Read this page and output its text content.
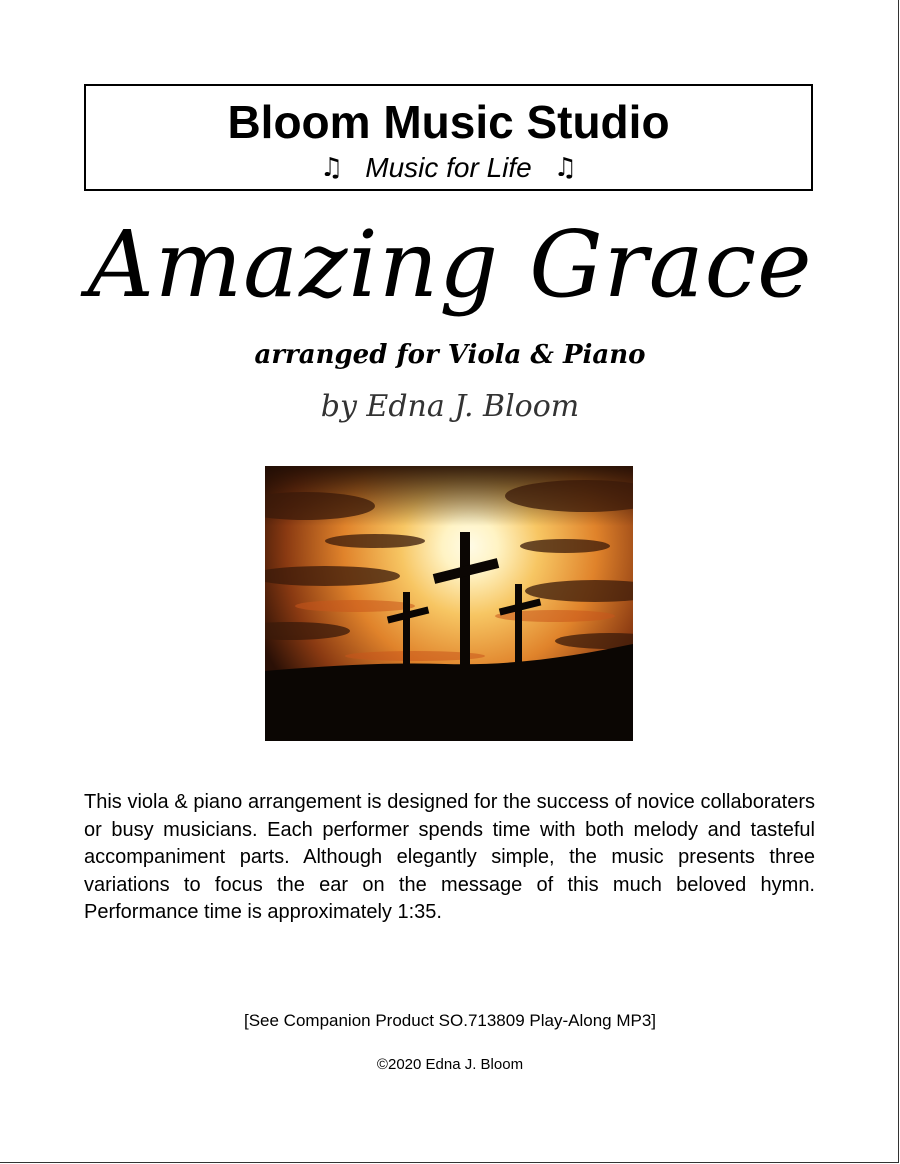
Bloom Music Studio
♫ Music for Life ♫
Amazing Grace
arranged for Viola & Piano
by Edna J. Bloom
This viola & piano arrangement is designed for the success of novice collaboraters or busy musicians. Each performer spends time with both melody and tasteful accompaniment parts. Although elegantly simple, the music presents three variations to focus the ear on the message of this much beloved hymn. Performance time is approximately 1:35.
[See Companion Product SO.713809 Play-Along MP3]
©2020 Edna J. Bloom
